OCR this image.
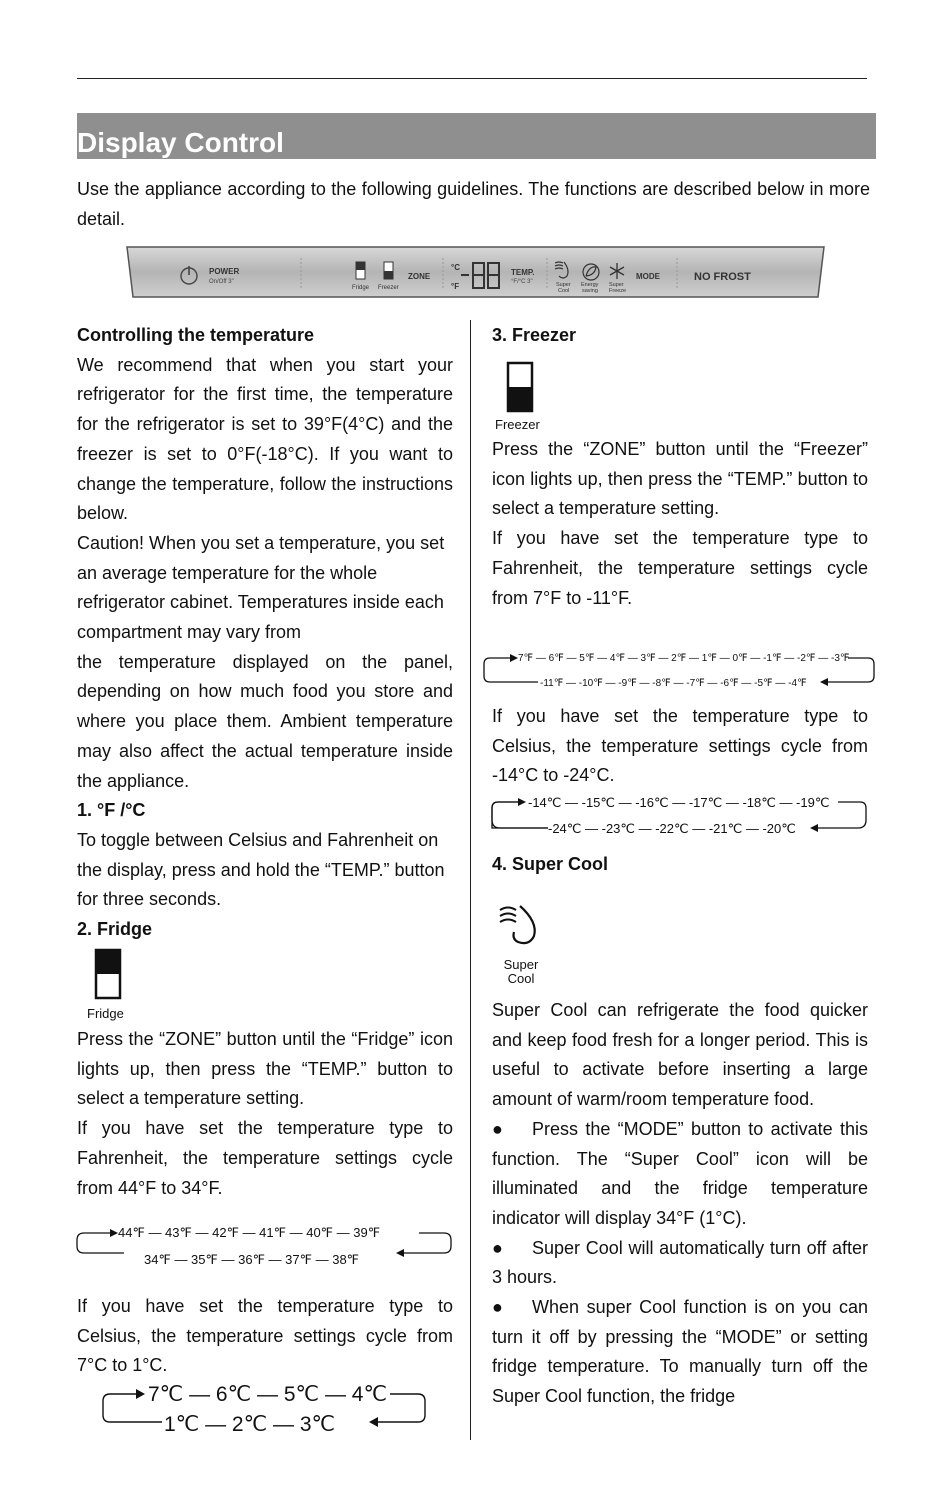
Display Control
Use the appliance according to the following guidelines. The functions are described below in more detail.
POWER
On/Off 3"
Fridge Freezer
ZONE
°C
°F
TEMP.
°F/°C 3"	Super
Cool
Energy
saving
Super
Freeze
MODE	NO FROST

Controlling the temperature

We recommend that when you start your refrigerator for the first time, the temperature for the refrigerator is set to 39°F(4°C) and the freezer is set to 0°F(-18°C). If you want to change the temperature, follow the instructions below.

Caution! When you set a temperature, you set an average temperature for the whole refrigerator cabinet. Temperatures inside each compartment may vary from

the temperature displayed on the panel, depending on how much food you store and where you place them. Ambient temperature may also affect the actual temperature inside the appliance.

1. °F /°C

To toggle between Celsius and Fahrenheit on the display, press and hold the “TEMP.” button for three seconds.

2. Fridge

Fridge

Press the “ZONE” button until the “Fridge” icon lights up, then press the “TEMP.” button to select a temperature setting.

If you have set the temperature type to Fahrenheit, the temperature settings cycle from 44°F to 34°F.

44℉ — 43℉ — 42℉ — 41℉ — 40℉ — 39℉
34℉ — 35℉ — 36℉ — 37℉ — 38℉

If you have set the temperature type to Celsius, the temperature settings cycle from 7°C to 1°C.

7℃ — 6℃ — 5℃ — 4℃
1℃ — 2℃ — 3℃

3. Freezer

Freezer

Press the “ZONE” button until the “Freezer” icon lights up, then press the “TEMP.” button to select a temperature setting.

If you have set the temperature type to Fahrenheit, the temperature settings cycle from 7°F to -11°F.

7℉ — 6℉ — 5℉ — 4℉ — 3℉ — 2℉ — 1℉ — 0℉ — -1℉ — -2℉ — -3℉
-11℉ — -10℉ — -9℉ — -8℉ — -7℉ — -6℉ — -5℉ — -4℉

If you have set the temperature type to Celsius, the temperature settings cycle from -14°C to -24°C.

-14℃ — -15℃ — -16℃ — -17℃ — -18℃ — -19℃
-24℃ — -23℃ — -22℃ — -21℃ — -20℃

4. Super Cool

Super
Cool

Super Cool can refrigerate the food quicker and keep food fresh for a longer period. This is useful to activate before inserting a large amount of warm/room temperature food.

● Press the “MODE” button to activate this function. The “Super Cool” icon will be illuminated and the fridge temperature indicator will display 34°F (1°C).

● Super Cool will automatically turn off after 3 hours.

● When super Cool function is on you can turn it off by pressing the “MODE” or setting fridge temperature. To manually turn off the Super Cool function, the fridge
